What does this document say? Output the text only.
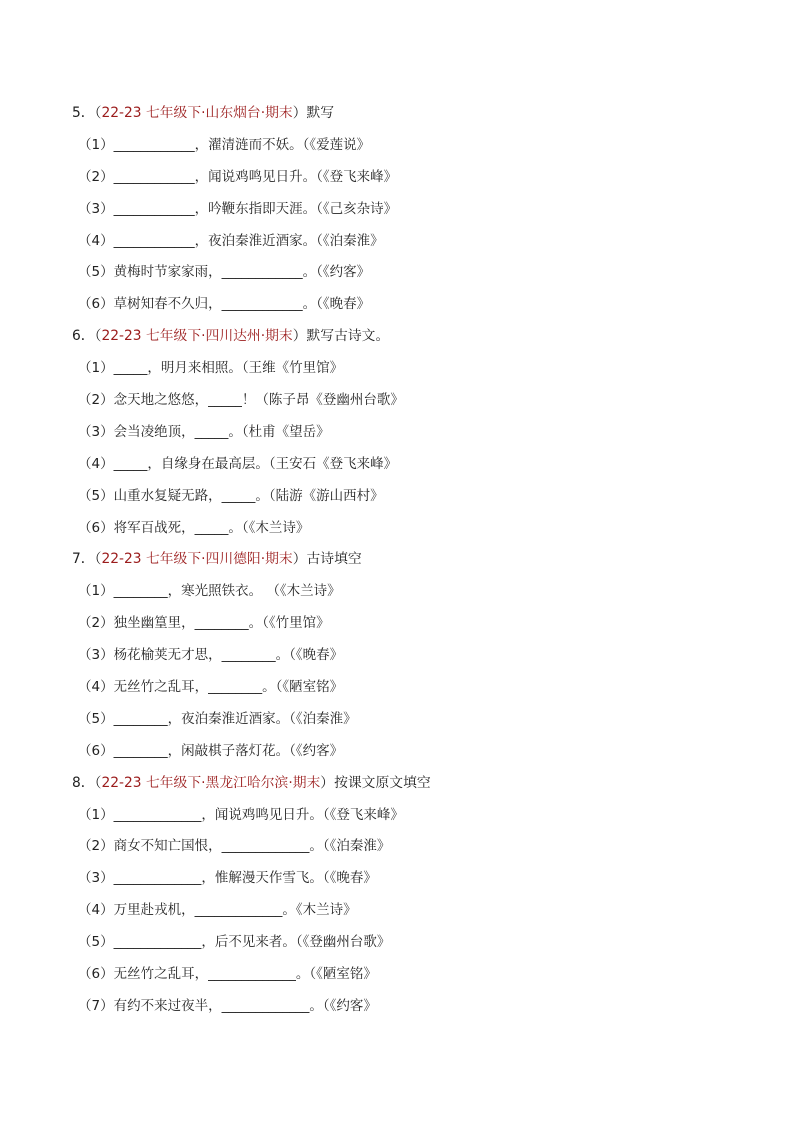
5．（22-23 七年级下·山东烟台·期末）默写
（1）____________，濯清涟而不妖。（《爱莲说》
（2）____________，闻说鸡鸣见日升。（《登飞来峰》
（3）____________，吟鞭东指即天涯。（《己亥杂诗》
（4）____________，夜泊秦淮近酒家。（《泊秦淮》
（5）黄梅时节家家雨，____________。（《约客》
（6）草树知春不久归，____________。（《晚春》
6．（22-23 七年级下·四川达州·期末）默写古诗文。
（1）_____，明月来相照。（王维《竹里馆》
（2）念天地之悠悠，_____！（陈子昂《登幽州台歌》
（3）会当凌绝顶，_____。（杜甫《望岳》
（4）_____，自缘身在最高层。（王安石《登飞来峰》
（5）山重水复疑无路，_____。（陆游《游山西村》
（6）将军百战死，_____。（《木兰诗》
7．（22-23 七年级下·四川德阳·期末）古诗填空
（1）________，寒光照铁衣。 （《木兰诗》
（2）独坐幽篁里，________。（《竹里馆》
（3）杨花榆荚无才思，________。（《晚春》
（4）无丝竹之乱耳，________。（《陋室铭》
（5）________，夜泊秦淮近酒家。（《泊秦淮》
（6）________，闲敲棋子落灯花。（《约客》
8．（22-23 七年级下·黑龙江哈尔滨·期末）按课文原文填空
（1）_____________，闻说鸡鸣见日升。（《登飞来峰》
（2）商女不知亡国恨，_____________。（《泊秦淮》
（3）_____________，惟解漫天作雪飞。（《晚春》
（4）万里赴戎机，_____________。《木兰诗》
（5）_____________，后不见来者。（《登幽州台歌》
（6）无丝竹之乱耳，_____________。（《陋室铭》
（7）有约不来过夜半，_____________。（《约客》
